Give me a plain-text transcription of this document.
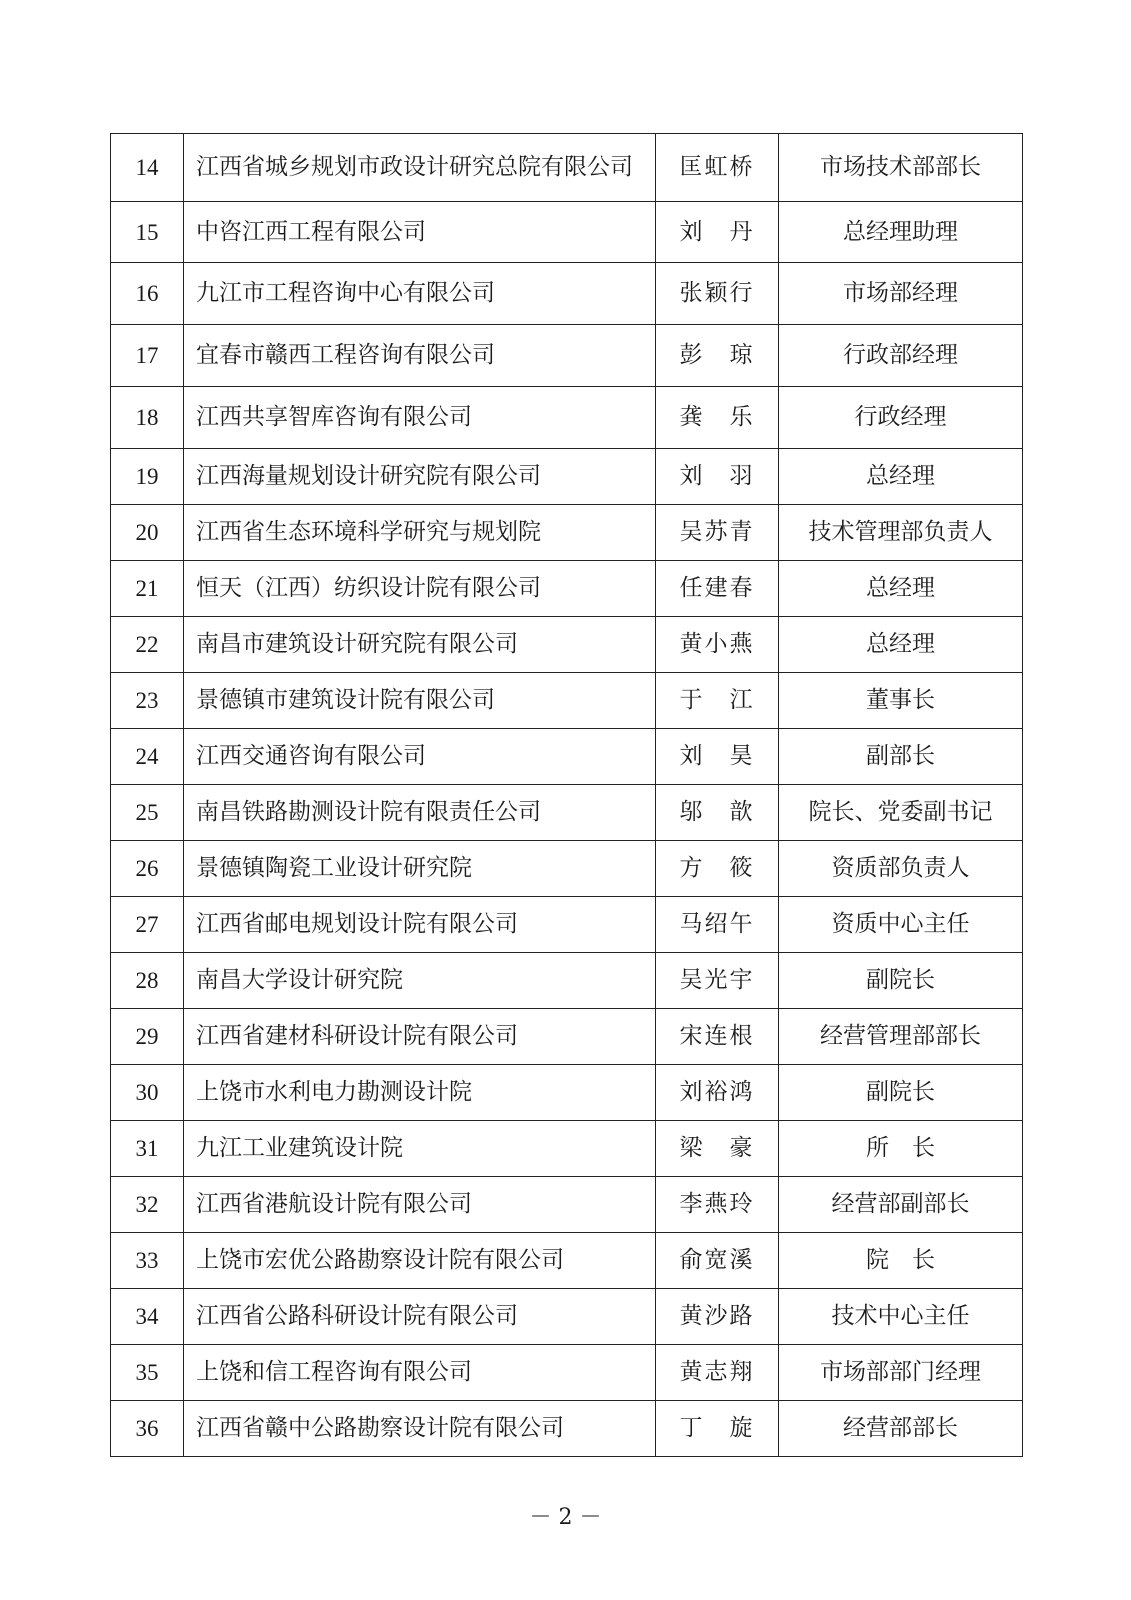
14	江西省城乡规划市政设计研究总院有限公司	匡虹桥	市场技术部部长
15	中咨江西工程有限公司	刘　丹	总经理助理
16	九江市工程咨询中心有限公司	张颖行	市场部经理
17	宜春市赣西工程咨询有限公司	彭　琼	行政部经理
18	江西共享智库咨询有限公司	龚　乐	行政经理
19	江西海量规划设计研究院有限公司	刘　羽	总经理
20	江西省生态环境科学研究与规划院	吴苏青	技术管理部负责人
21	恒天（江西）纺织设计院有限公司	任建春	总经理
22	南昌市建筑设计研究院有限公司	黄小燕	总经理
23	景德镇市建筑设计院有限公司	于　江	董事长
24	江西交通咨询有限公司	刘　昊	副部长
25	南昌铁路勘测设计院有限责任公司	邬　歆	院长、党委副书记
26	景德镇陶瓷工业设计研究院	方　筱	资质部负责人
27	江西省邮电规划设计院有限公司	马绍午	资质中心主任
28	南昌大学设计研究院	吴光宇	副院长
29	江西省建材科研设计院有限公司	宋连根	经营管理部部长
30	上饶市水利电力勘测设计院	刘裕鸿	副院长
31	九江工业建筑设计院	梁　豪	所　长
32	江西省港航设计院有限公司	李燕玲	经营部副部长
33	上饶市宏优公路勘察设计院有限公司	俞宽溪	院　长
34	江西省公路科研设计院有限公司	黄沙路	技术中心主任
35	上饶和信工程咨询有限公司	黄志翔	市场部部门经理
36	江西省赣中公路勘察设计院有限公司	丁　旋	经营部部长
－ 2 －
